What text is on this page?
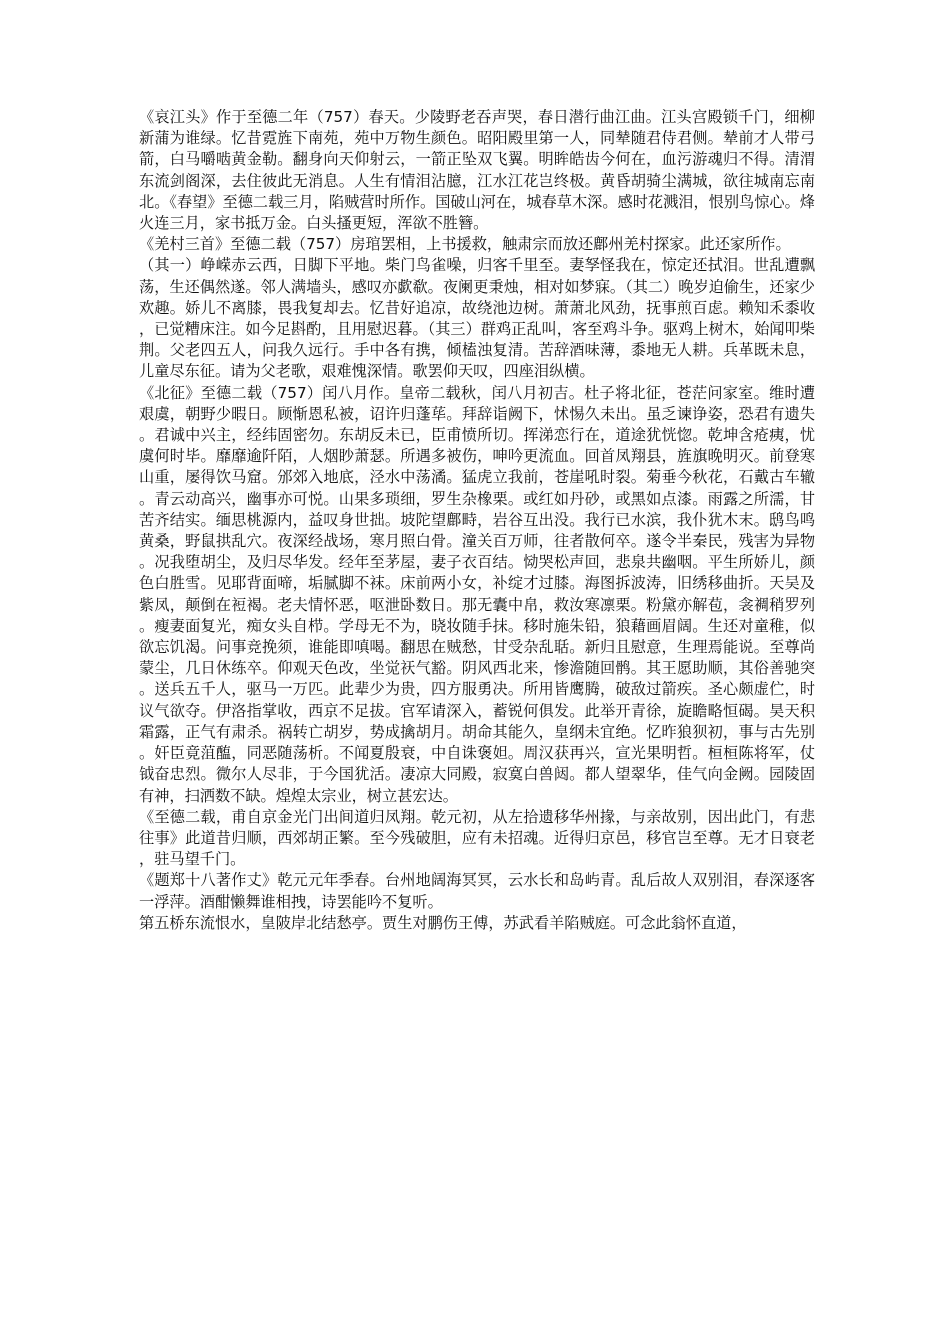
《哀江头》作于至德二年（757）春天。少陵野老吞声哭，春日潜行曲江曲。江头宫殿锁千门，细柳新蒲为谁绿。忆昔霓旌下南苑，苑中万物生颜色。昭阳殿里第一人，同辇随君侍君侧。辇前才人带弓箭，白马嚼啮黄金勒。翻身向天仰射云，一箭正坠双飞翼。明眸皓齿今何在，血污游魂归不得。清渭东流剑阁深，去住彼此无消息。人生有情泪沾臆，江水江花岂终极。黄昏胡骑尘满城，欲往城南忘南北。《春望》至德二载三月，陷贼营时所作。国破山河在，城春草木深。感时花溅泪，恨别鸟惊心。烽火连三月，家书抵万金。白头搔更短，浑欲不胜簪。

《羌村三首》至德二载（757）房琯罢相，上书援救，触肃宗而放还鄜州羌村探家。此还家所作。

（其一）峥嵘赤云西，日脚下平地。柴门鸟雀噪，归客千里至。妻孥怪我在，惊定还拭泪。世乱遭飘荡，生还偶然遂。邻人满墙头，感叹亦歔欷。夜阑更秉烛，相对如梦寐。（其二）晚岁迫偷生，还家少欢趣。娇儿不离膝，畏我复却去。忆昔好追凉，故绕池边树。萧萧北风劲，抚事煎百虑。赖知禾黍收，已觉糟床注。如今足斟酌，且用慰迟暮。（其三）群鸡正乱叫，客至鸡斗争。驱鸡上树木，始闻叩柴荆。父老四五人，问我久远行。手中各有携，倾榼浊复清。苦辞酒味薄，黍地无人耕。兵革既未息，儿童尽东征。请为父老歌，艰难愧深情。歌罢仰天叹，四座泪纵横。

《北征》至德二载（757）闰八月作。皇帝二载秋，闰八月初吉。杜子将北征，苍茫问家室。维时遭艰虞，朝野少暇日。顾惭恩私被，诏许归蓬荜。拜辞诣阙下，怵惕久未出。虽乏谏诤姿，恐君有遗失。君诚中兴主，经纬固密勿。东胡反未已，臣甫愤所切。挥涕恋行在，道途犹恍惚。乾坤含疮痍，忧虞何时毕。靡靡逾阡陌，人烟眇萧瑟。所遇多被伤，呻吟更流血。回首凤翔县，旌旗晚明灭。前登寒山重，屡得饮马窟。邠郊入地底，泾水中荡潏。猛虎立我前，苍崖吼时裂。菊垂今秋花，石戴古车辙。青云动高兴，幽事亦可悦。山果多琐细，罗生杂橡栗。或红如丹砂，或黑如点漆。雨露之所濡，甘苦齐结实。缅思桃源内，益叹身世拙。坡陀望鄜畤，岩谷互出没。我行已水滨，我仆犹木末。鸱鸟鸣黄桑，野鼠拱乱穴。夜深经战场，寒月照白骨。潼关百万师，往者散何卒。遂令半秦民，残害为异物。况我堕胡尘，及归尽华发。经年至茅屋，妻子衣百结。恸哭松声回，悲泉共幽咽。平生所娇儿，颜色白胜雪。见耶背面啼，垢腻脚不袜。床前两小女，补绽才过膝。海图拆波涛，旧绣移曲折。天吴及紫凤，颠倒在裋褐。老夫情怀恶，呕泄卧数日。那无囊中帛，救汝寒凛栗。粉黛亦解苞，衾裯稍罗列。瘦妻面复光，痴女头自栉。学母无不为，晓妆随手抹。移时施朱铅，狼藉画眉阔。生还对童稚，似欲忘饥渴。问事竞挽须，谁能即嗔喝。翻思在贼愁，甘受杂乱聒。新归且慰意，生理焉能说。至尊尚蒙尘，几日休练卒。仰观天色改，坐觉祆气豁。阴风西北来，惨澹随回鹘。其王愿助顺，其俗善驰突。送兵五千人，驱马一万匹。此辈少为贵，四方服勇决。所用皆鹰腾，破敌过箭疾。圣心颇虚伫，时议气欲夺。伊洛指掌收，西京不足拔。官军请深入，蓄锐何俱发。此举开青徐，旋瞻略恒碣。昊天积霜露，正气有肃杀。祸转亡胡岁，势成擒胡月。胡命其能久，皇纲未宜绝。忆昨狼狈初，事与古先别。奸臣竟菹醢，同恶随荡析。不闻夏殷衰，中自诛褒妲。周汉获再兴，宣光果明哲。桓桓陈将军，仗钺奋忠烈。微尔人尽非，于今国犹活。凄凉大同殿，寂寞白兽闼。都人望翠华，佳气向金阙。园陵固有神，扫洒数不缺。煌煌太宗业，树立甚宏达。

《至德二载，甫自京金光门出间道归凤翔。乾元初，从左拾遗移华州掾，与亲故别，因出此门，有悲往事》此道昔归顺，西郊胡正繁。至今残破胆，应有未招魂。近得归京邑，移官岂至尊。无才日衰老，驻马望千门。

《题郑十八著作丈》乾元元年季春。台州地阔海冥冥，云水长和岛屿青。乱后故人双别泪，春深逐客一浮萍。酒酣懒舞谁相拽，诗罢能吟不复听。

第五桥东流恨水，皇陂岸北结愁亭。贾生对鹏伤王傅，苏武看羊陷贼庭。可念此翁怀直道，
